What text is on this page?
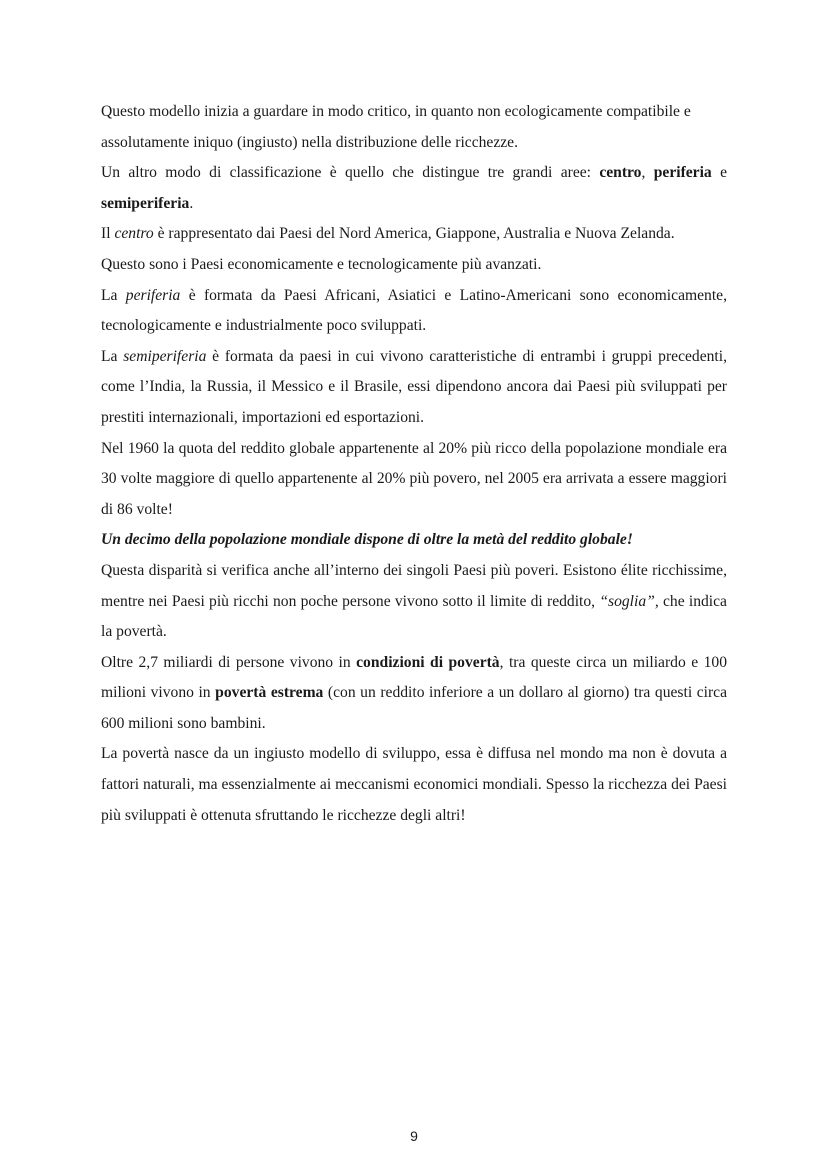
Questo modello inizia a guardare in modo critico, in quanto non ecologicamente compatibile e assolutamente iniquo (ingiusto) nella distribuzione delle ricchezze.

Un altro modo di classificazione è quello che distingue tre grandi aree: centro, periferia e semiperiferia.

Il centro è rappresentato dai Paesi del Nord America, Giappone, Australia e Nuova Zelanda.

Questo sono i Paesi economicamente e tecnologicamente più avanzati.

La periferia è formata da Paesi Africani, Asiatici e Latino-Americani sono economicamente, tecnologicamente e industrialmente poco sviluppati.

La semiperiferia è formata da paesi in cui vivono caratteristiche di entrambi i gruppi precedenti, come l’India, la Russia, il Messico e il Brasile, essi dipendono ancora dai Paesi più sviluppati per prestiti internazionali, importazioni ed esportazioni.

Nel 1960 la quota del reddito globale appartenente al 20% più ricco della popolazione mondiale era 30 volte maggiore di quello appartenente al 20% più povero, nel 2005 era arrivata a essere maggiori di 86 volte!

Un decimo della popolazione mondiale dispone di oltre la metà del reddito globale!

Questa disparità si verifica anche all’interno dei singoli Paesi più poveri. Esistono élite ricchissime, mentre nei Paesi più ricchi non poche persone vivono sotto il limite di reddito, “soglia”, che indica la povertà.

Oltre 2,7 miliardi di persone vivono in condizioni di povertà, tra queste circa un miliardo e 100 milioni vivono in povertà estrema (con un reddito inferiore a un dollaro al giorno) tra questi circa 600 milioni sono bambini.

La povertà nasce da un ingiusto modello di sviluppo, essa è diffusa nel mondo ma non è dovuta a fattori naturali, ma essenzialmente ai meccanismi economici mondiali. Spesso la ricchezza dei Paesi più sviluppati è ottenuta sfruttando le ricchezze degli altri!

9
